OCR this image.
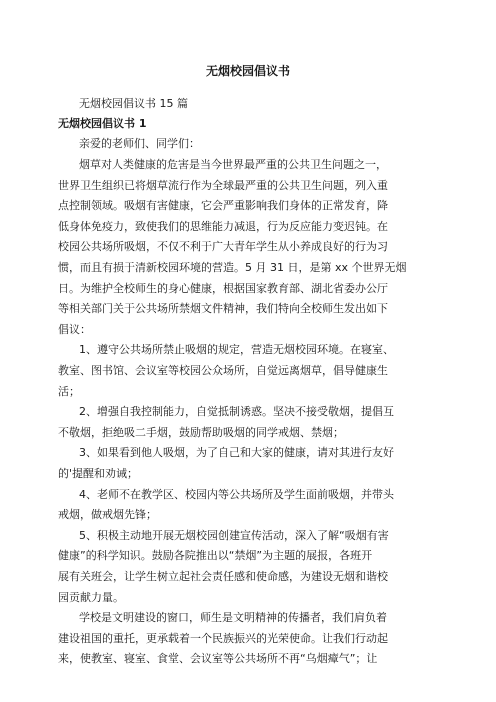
无烟校园倡议书
无烟校园倡议书 15 篇
无烟校园倡议书 1
亲爱的老师们、同学们：
烟草对人类健康的危害是当今世界最严重的公共卫生问题之一，
世界卫生组织已将烟草流行作为全球最严重的公共卫生问题，列入重
点控制领域。吸烟有害健康，它会严重影响我们身体的正常发育，降
低身体免疫力，致使我们的思维能力减退，行为反应能力变迟钝。在
校园公共场所吸烟，不仅不利于广大青年学生从小养成良好的行为习
惯，而且有损于清新校园环境的营造。5 月 31 日，是第 xx 个世界无烟
日。为维护全校师生的身心健康，根据国家教育部、湖北省委办公厅
等相关部门关于公共场所禁烟文件精神，我们特向全校师生发出如下
倡议：
1、遵守公共场所禁止吸烟的规定，营造无烟校园环境。在寝室、
教室、图书馆、会议室等校园公众场所，自觉远离烟草，倡导健康生
活；
2、增强自我控制能力，自觉抵制诱惑。坚决不接受敬烟，提倡互
不敬烟，拒绝吸二手烟，鼓励帮助吸烟的同学戒烟、禁烟；
3、如果看到他人吸烟，为了自己和大家的健康，请对其进行友好
的'提醒和劝诫；
4、老师不在教学区、校园内等公共场所及学生面前吸烟，并带头
戒烟，做戒烟先锋；
5、积极主动地开展无烟校园创建宣传活动，深入了解“吸烟有害
健康”的科学知识。鼓励各院推出以“禁烟”为主题的展报，各班开
展有关班会，让学生树立起社会责任感和使命感，为建设无烟和谐校
园贡献力量。
学校是文明建设的窗口，师生是文明精神的传播者，我们肩负着
建设祖国的重托，更承载着一个民族振兴的光荣使命。让我们行动起
来，使教室、寝室、食堂、会议室等公共场所不再“乌烟瘴气”；让
